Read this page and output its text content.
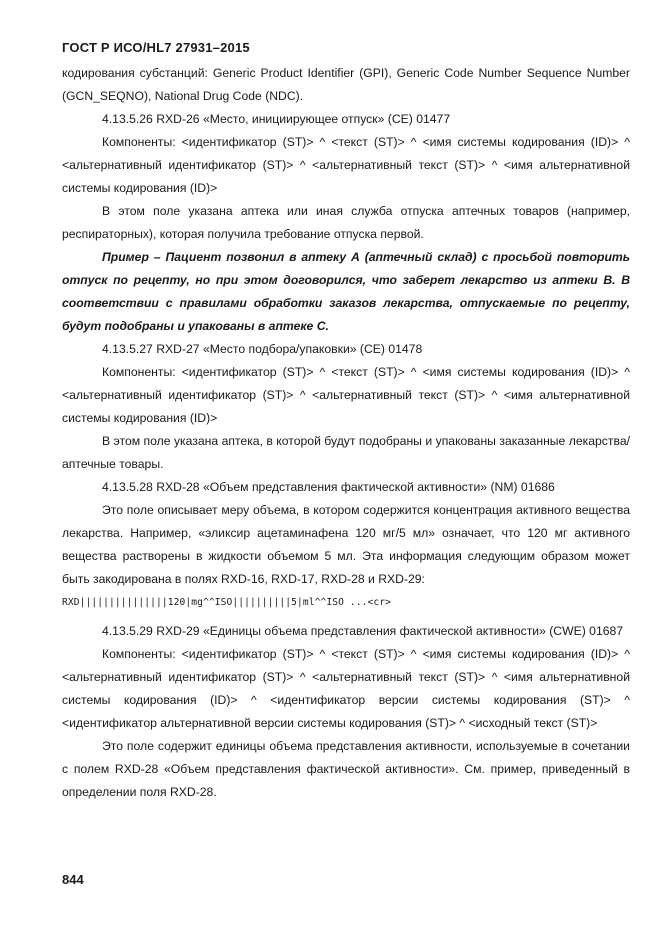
ГОСТ Р ИСО/HL7 27931–2015

кодирования субстанций: Generic Product Identifier (GPI), Generic Code Number Sequence Number (GCN_SEQNO), National Drug Code (NDC).

4.13.5.26 RXD-26 «Место, инициирующее отпуск» (CE) 01477

Компоненты: <идентификатор (ST)> ^ <текст (ST)> ^ <имя системы кодирования (ID)> ^ <альтернативный идентификатор (ST)> ^ <альтернативный текст (ST)> ^ <имя альтернативной системы кодирования (ID)>

В этом поле указана аптека или иная служба отпуска аптечных товаров (например, респираторных), которая получила требование отпуска первой.

Пример – Пациент позвонил в аптеку А (аптечный склад) с просьбой повторить отпуск по рецепту, но при этом договорился, что заберет лекарство из аптеки В. В соответствии с правилами обработки заказов лекарства, отпускаемые по рецепту, будут подобраны и упакованы в аптеке С.

4.13.5.27 RXD-27 «Место подбора/упаковки» (CE) 01478

Компоненты: <идентификатор (ST)> ^ <текст (ST)> ^ <имя системы кодирования (ID)> ^ <альтернативный идентификатор (ST)> ^ <альтернативный текст (ST)> ^ <имя альтернативной системы кодирования (ID)>

В этом поле указана аптека, в которой будут подобраны и упакованы заказанные лекарства/аптечные товары.

4.13.5.28 RXD-28 «Объем представления фактической активности» (NM) 01686

Это поле описывает меру объема, в котором содержится концентрация активного вещества лекарства. Например, «эликсир ацетаминафена 120 мг/5 мл» означает, что 120 мг активного вещества растворены в жидкости объемом 5 мл. Эта информация следующим образом может быть закодирована в полях RXD-16, RXD-17, RXD-28 и RXD-29:

RXD|||||||||||||||120|mg^^ISO||||||||||5|ml^^ISO ...<cr>

4.13.5.29 RXD-29 «Единицы объема представления фактической активности» (CWE) 01687

Компоненты: <идентификатор (ST)> ^ <текст (ST)> ^ <имя системы кодирования (ID)> ^ <альтернативный идентификатор (ST)> ^ <альтернативный текст (ST)> ^ <имя альтернативной системы кодирования (ID)> ^ <идентификатор версии системы кодирования (ST)> ^ <идентификатор альтернативной версии системы кодирования (ST)> ^ <исходный текст (ST)>

Это поле содержит единицы объема представления активности, используемые в сочетании с полем RXD-28 «Объем представления фактической активности». См. пример, приведенный в определении поля RXD-28.

844
